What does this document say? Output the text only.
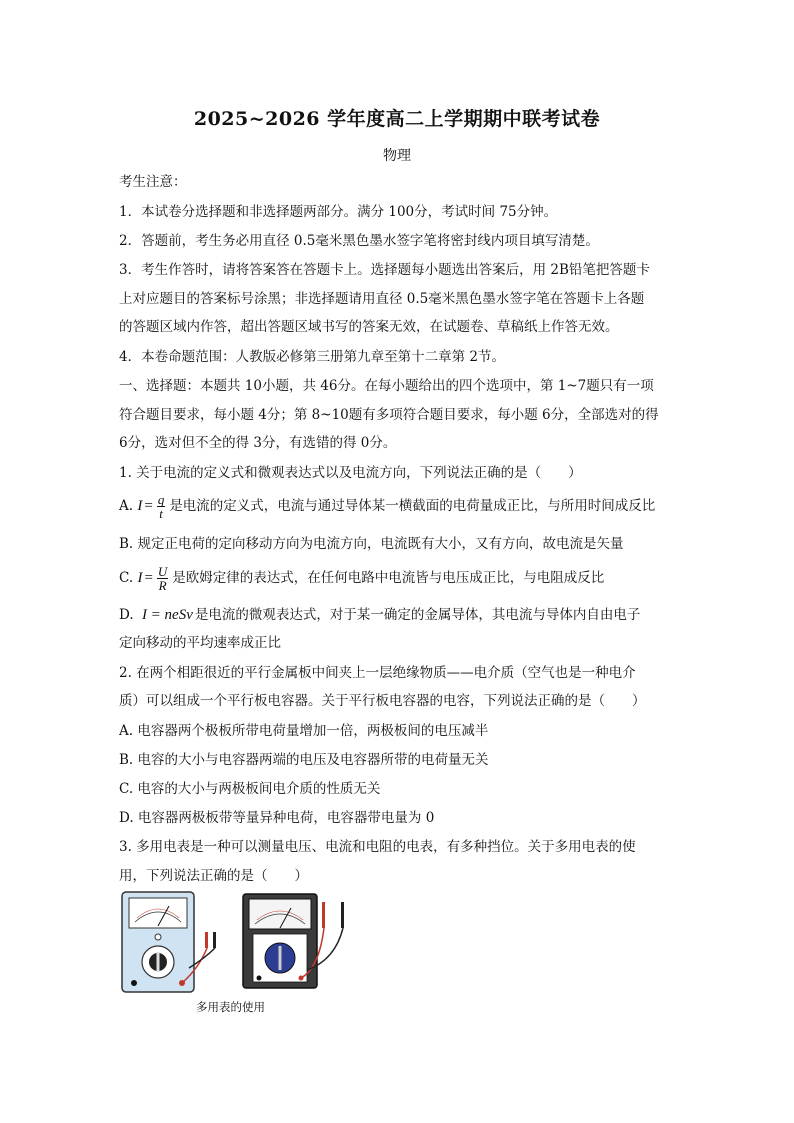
2025~2026 学年度高二上学期期中联考试卷
物理
考生注意：
1．本试卷分选择题和非选择题两部分。满分 100分，考试时间 75分钟。
2．答题前，考生务必用直径 0.5毫米黑色墨水签字笔将密封线内项目填写清楚。
3．考生作答时，请将答案答在答题卡上。选择题每小题选出答案后，用 2B铅笔把答题卡
上对应题目的答案标号涂黑；非选择题请用直径 0.5毫米黑色墨水签字笔在答题卡上各题
的答题区域内作答，超出答题区域书写的答案无效，在试题卷、草稿纸上作答无效。
4．本卷命题范围：人教版必修第三册第九章至第十二章第 2节。
一、选择题：本题共 10小题，共 46分。在每小题给出的四个选项中，第 1~7题只有一项
符合题目要求，每小题 4分；第 8~10题有多项符合题目要求，每小题 6分，全部选对的得
6分，选对但不全的得 3分，有选错的得 0分。
1. 关于电流的定义式和微观表达式以及电流方向，下列说法正确的是（　　）
A. $I = \frac{q}{t}$ 是电流的定义式，电流与通过导体某一横截面的电荷量成正比，与所用时间成反比
B. 规定正电荷的定向移动方向为电流方向，电流既有大小，又有方向，故电流是矢量
C. $I = \frac{U}{R}$ 是欧姆定律的表达式，在任何电路中电流皆与电压成正比，与电阻成反比
D. I = neSv 是电流的微观表达式，对于某一确定的金属导体，其电流与导体内自由电子
定向移动的平均速率成正比
2. 在两个相距很近的平行金属板中间夹上一层绝缘物质——电介质（空气也是一种电介
质）可以组成一个平行板电容器。关于平行板电容器的电容，下列说法正确的是（　　）
A. 电容器两个极板所带电荷量增加一倍，两极板间的电压减半
B. 电容的大小与电容器两端的电压及电容器所带的电荷量无关
C. 电容的大小与两极板间电介质的性质无关
D. 电容器两极板带等量异种电荷，电容器带电量为 0
3. 多用电表是一种可以测量电压、电流和电阻的电表，有多种挡位。关于多用电表的使
用，下列说法正确的是（　　）
多用表的使用
